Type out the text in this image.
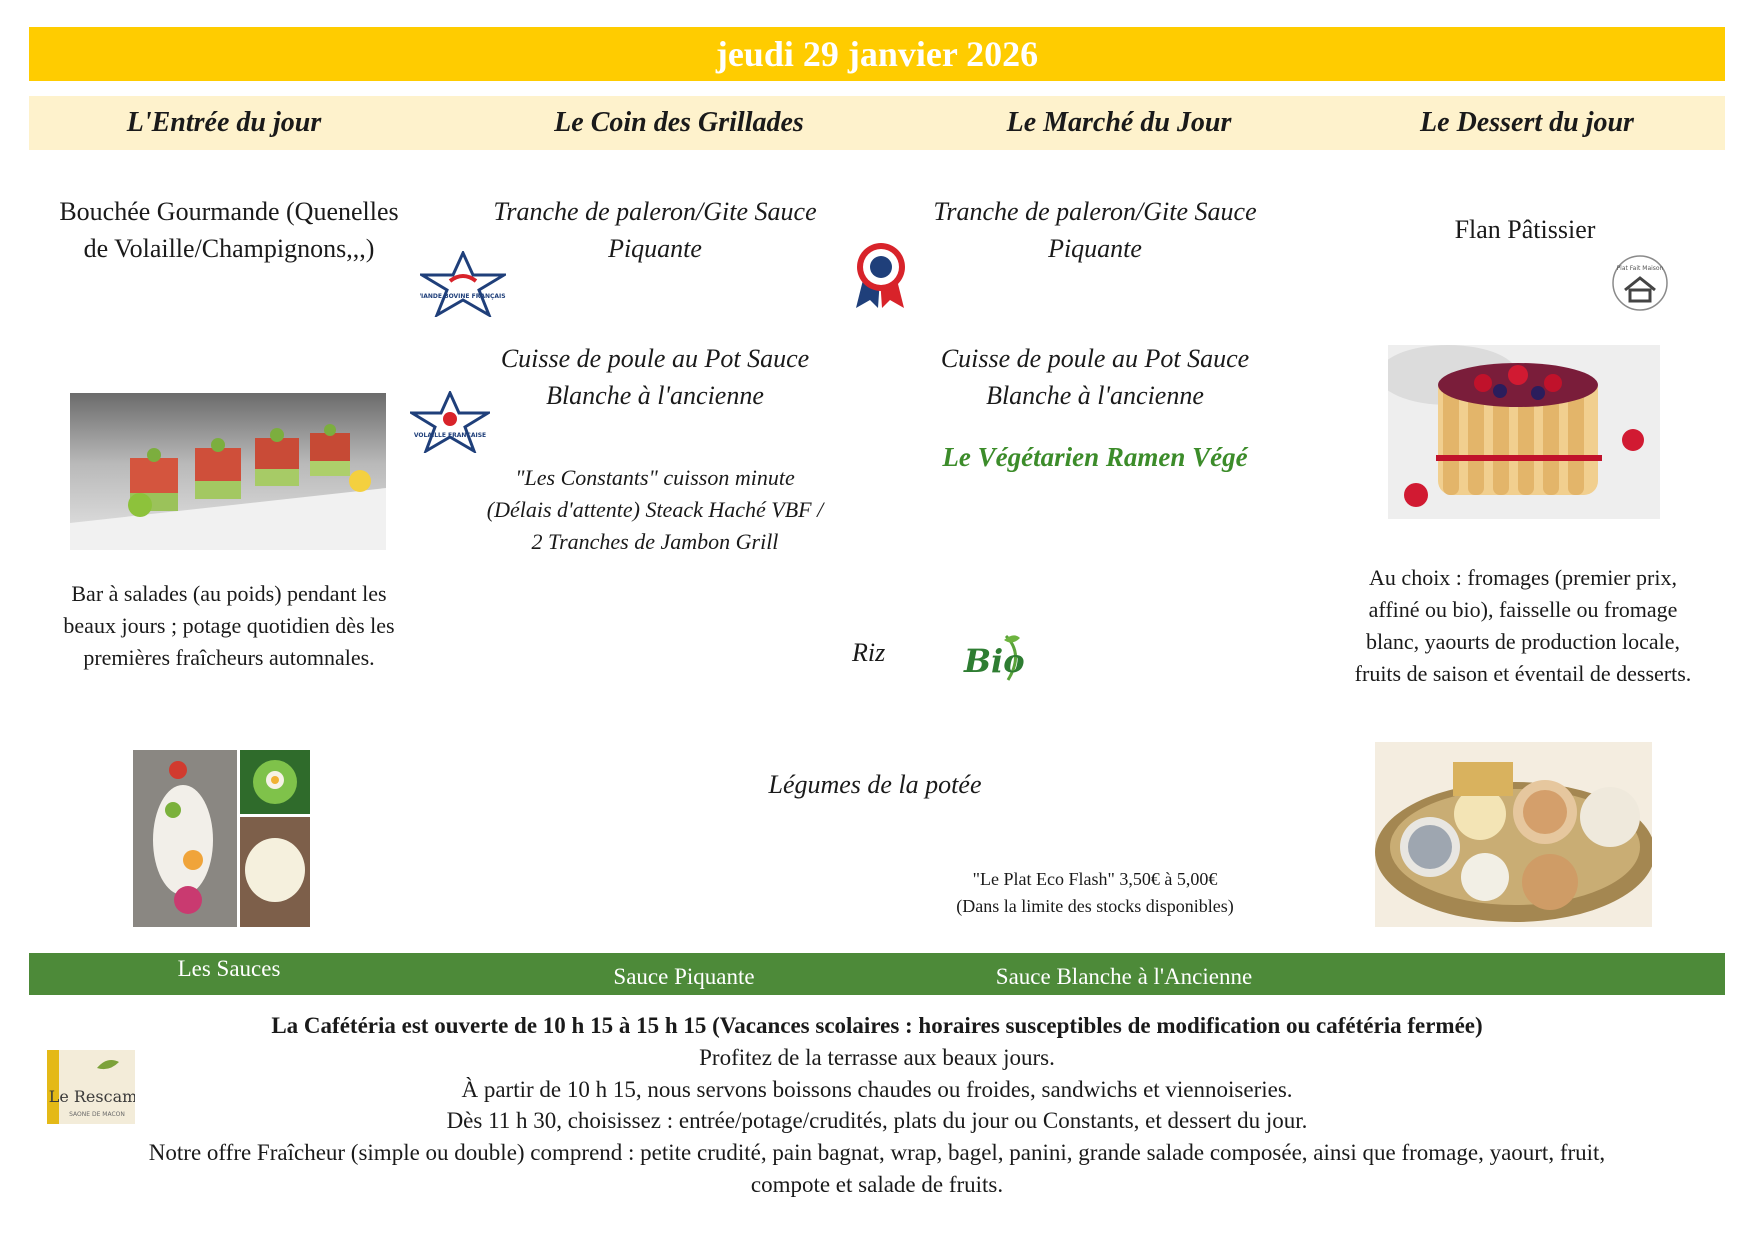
jeudi 29 janvier 2026
L'Entrée du jour	Le Coin des Grillades	Le Marché du Jour	Le Dessert du jour
Bouchée Gourmande (Quenelles
de Volaille/Champignons,,,)
Bar à salades (au poids) pendant les
beaux jours ; potage quotidien dès les
premières fraîcheurs automnales.
Tranche de paleron/Gite Sauce
Piquante
VIANDE BOVINE FRANÇAISE
Cuisse de poule au Pot Sauce
Blanche à l'ancienne
VOLAILLE FRANÇAISE
"Les Constants" cuisson minute
(Délais d'attente) Steack Haché VBF /
2 Tranches de Jambon Grill
Tranche de paleron/Gite Sauce
Piquante
Cuisse de poule au Pot Sauce
Blanche à l'ancienne
Le Végétarien Ramen Végé
Riz Bio
Légumes de la potée
"Le Plat Eco Flash" 3,50€ à 5,00€
(Dans la limite des stocks disponibles)
Flan Pâtissier
Plat Fait Maison
Au choix : fromages (premier prix,
affiné ou bio), faisselle ou fromage
blanc, yaourts de production locale,
fruits de saison et éventail de desserts.
Les Sauces	Sauce Piquante	Sauce Blanche à l'Ancienne
La Cafétéria est ouverte de 10 h 15 à 15 h 15 (Vacances scolaires : horaires susceptibles de modification ou cafétéria fermée)
Profitez de la terrasse aux beaux jours.
À partir de 10 h 15, nous servons boissons chaudes ou froides, sandwichs et viennoiseries.
Dès 11 h 30, choisissez : entrée/potage/crudités, plats du jour ou Constants, et dessert du jour.
Notre offre Fraîcheur (simple ou double) comprend : petite crudité, pain bagnat, wrap, bagel, panini, grande salade composée, ainsi que fromage, yaourt, fruit,
compote et salade de fruits.
Le Rescam
SAONE DE MACON
